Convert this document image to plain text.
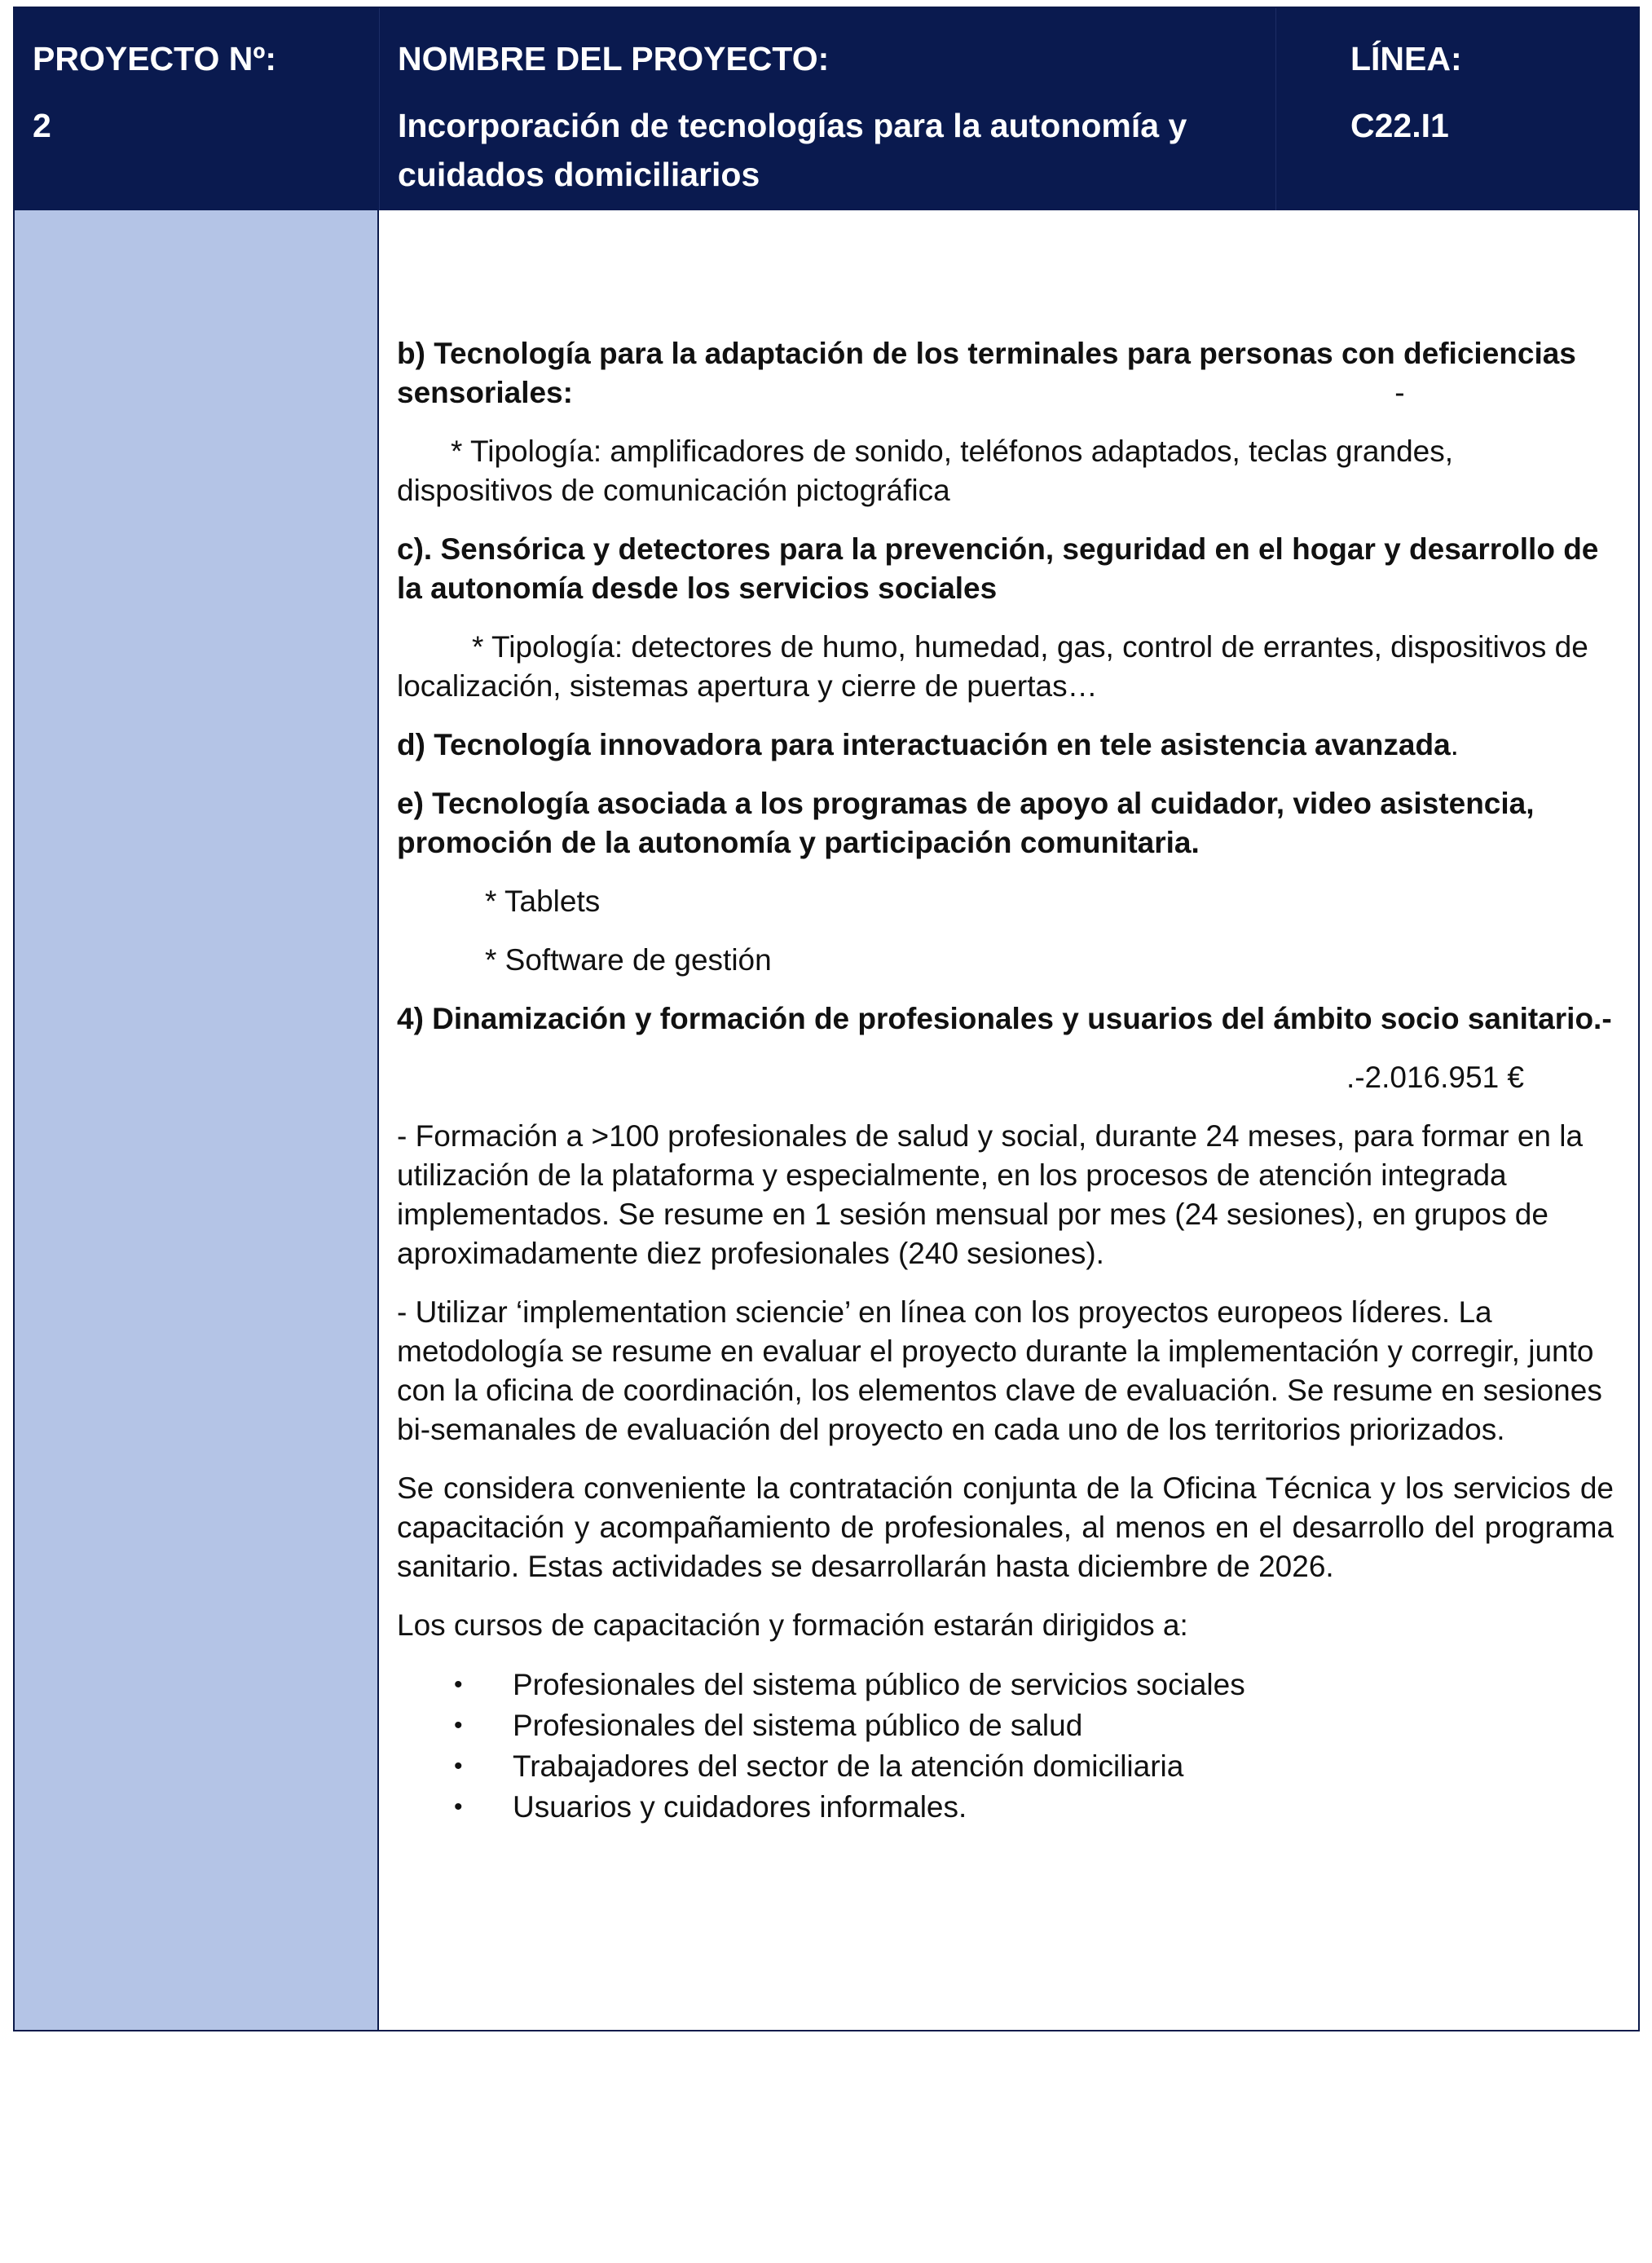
PROYECTO Nº:
2
NOMBRE DEL PROYECTO:
Incorporación de tecnologías para la autonomía y cuidados domiciliarios
LÍNEA:
C22.I1

b) Tecnología para la adaptación de los terminales para personas con deficiencias sensoriales:	-

* Tipología: amplificadores de sonido, teléfonos adaptados, teclas grandes, dispositivos de comunicación pictográfica

c). Sensórica y detectores para la prevención, seguridad en el hogar y desarrollo de la autonomía desde los servicios sociales

* Tipología: detectores de humo, humedad, gas, control de errantes, dispositivos de localización, sistemas apertura y cierre de puertas…

d) Tecnología innovadora para interactuación en tele asistencia avanzada.

e) Tecnología asociada a los programas de apoyo al cuidador, video asistencia, promoción de la autonomía y participación comunitaria.

* Tablets

* Software de gestión

4) Dinamización y formación de profesionales y usuarios del ámbito socio sanitario.-

.-2.016.951 €

- Formación a >100 profesionales de salud y social, durante 24 meses, para formar en la utilización de la plataforma y especialmente, en los procesos de atención integrada implementados. Se resume en 1 sesión mensual por mes (24 sesiones), en grupos de aproximadamente diez profesionales (240 sesiones).

- Utilizar ‘implementation sciencie’ en línea con los proyectos europeos líderes. La metodología se resume en evaluar el proyecto durante la implementación y corregir, junto con la oficina de coordinación, los elementos clave de evaluación. Se resume en sesiones bi-semanales de evaluación del proyecto en cada uno de los territorios priorizados.

Se considera conveniente la contratación conjunta de la Oficina Técnica y los servicios de capacitación y acompañamiento de profesionales, al menos en el desarrollo del programa sanitario. Estas actividades se desarrollarán hasta diciembre de 2026.

Los cursos de capacitación y formación estarán dirigidos a:

• Profesionales del sistema público de servicios sociales
• Profesionales del sistema público de salud
• Trabajadores del sector de la atención domiciliaria
• Usuarios y cuidadores informales.
